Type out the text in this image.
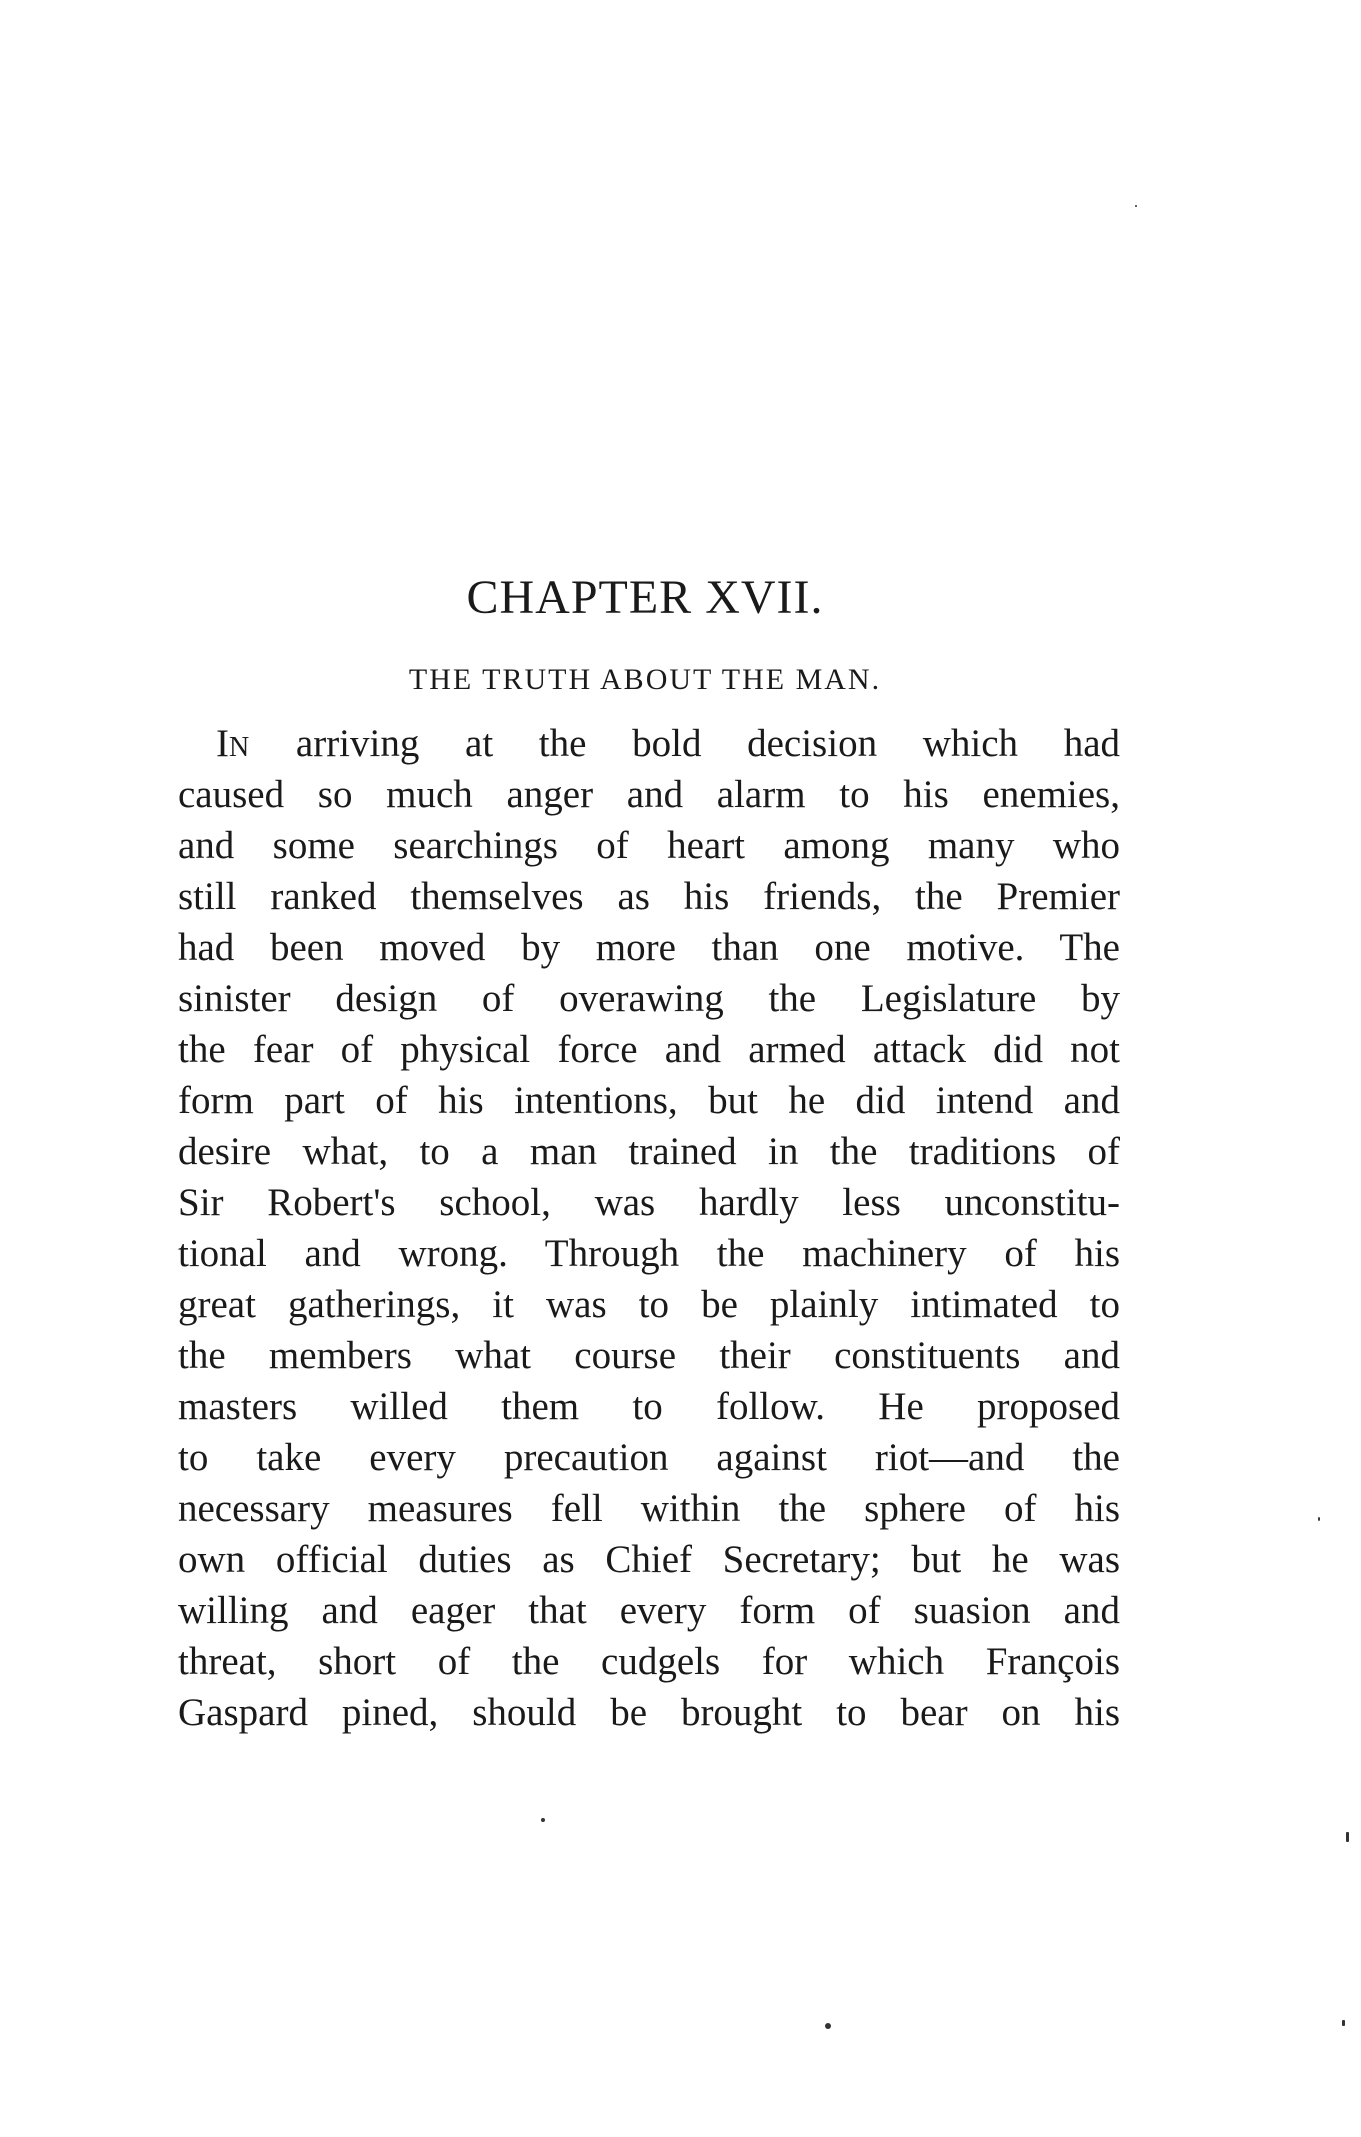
CHAPTER XVII.
THE TRUTH ABOUT THE MAN.
IN arriving at the bold decision which had
caused so much anger and alarm to his enemies,
and some searchings of heart among many who
still ranked themselves as his friends, the Premier
had been moved by more than one motive. The
sinister design of overawing the Legislature by
the fear of physical force and armed attack did not
form part of his intentions, but he did intend and
desire what, to a man trained in the traditions of
Sir Robert's school, was hardly less unconstitu-
tional and wrong. Through the machinery of his
great gatherings, it was to be plainly intimated to
the members what course their constituents and
masters willed them to follow. He proposed
to take every precaution against riot—and the
necessary measures fell within the sphere of his
own official duties as Chief Secretary; but he was
willing and eager that every form of suasion and
threat, short of the cudgels for which François
Gaspard pined, should be brought to bear on his
